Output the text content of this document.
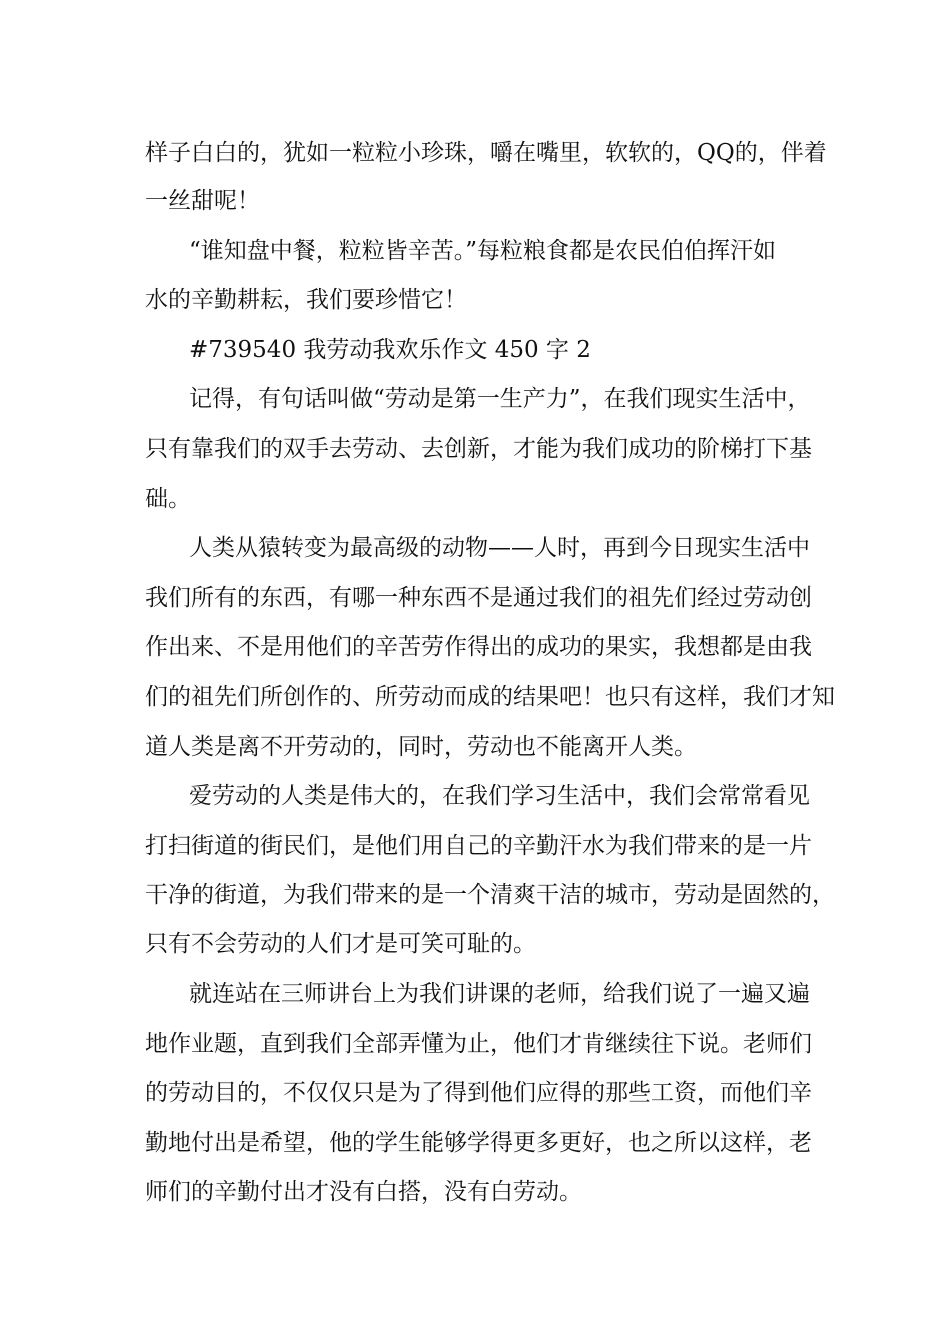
样子白白的，犹如一粒粒小珍珠，嚼在嘴里，软软的，QQ的，伴着

一丝甜呢！

“谁知盘中餐，粒粒皆辛苦。”每粒粮食都是农民伯伯挥汗如

水的辛勤耕耘，我们要珍惜它！

#739540 我劳动我欢乐作文 450 字 2

记得，有句话叫做“劳动是第一生产力”，在我们现实生活中，

只有靠我们的双手去劳动、去创新，才能为我们成功的阶梯打下基

础。

人类从猿转变为最高级的动物——人时，再到今日现实生活中

我们所有的东西，有哪一种东西不是通过我们的祖先们经过劳动创

作出来、不是用他们的辛苦劳作得出的成功的果实，我想都是由我

们的祖先们所创作的、所劳动而成的结果吧！也只有这样，我们才知

道人类是离不开劳动的，同时，劳动也不能离开人类。

爱劳动的人类是伟大的，在我们学习生活中，我们会常常看见

打扫街道的街民们，是他们用自己的辛勤汗水为我们带来的是一片

干净的街道，为我们带来的是一个清爽干洁的城市，劳动是固然的，

只有不会劳动的人们才是可笑可耻的。

就连站在三师讲台上为我们讲课的老师，给我们说了一遍又遍

地作业题，直到我们全部弄懂为止，他们才肯继续往下说。老师们

的劳动目的，不仅仅只是为了得到他们应得的那些工资，而他们辛

勤地付出是希望，他的学生能够学得更多更好，也之所以这样，老

师们的辛勤付出才没有白搭，没有白劳动。
